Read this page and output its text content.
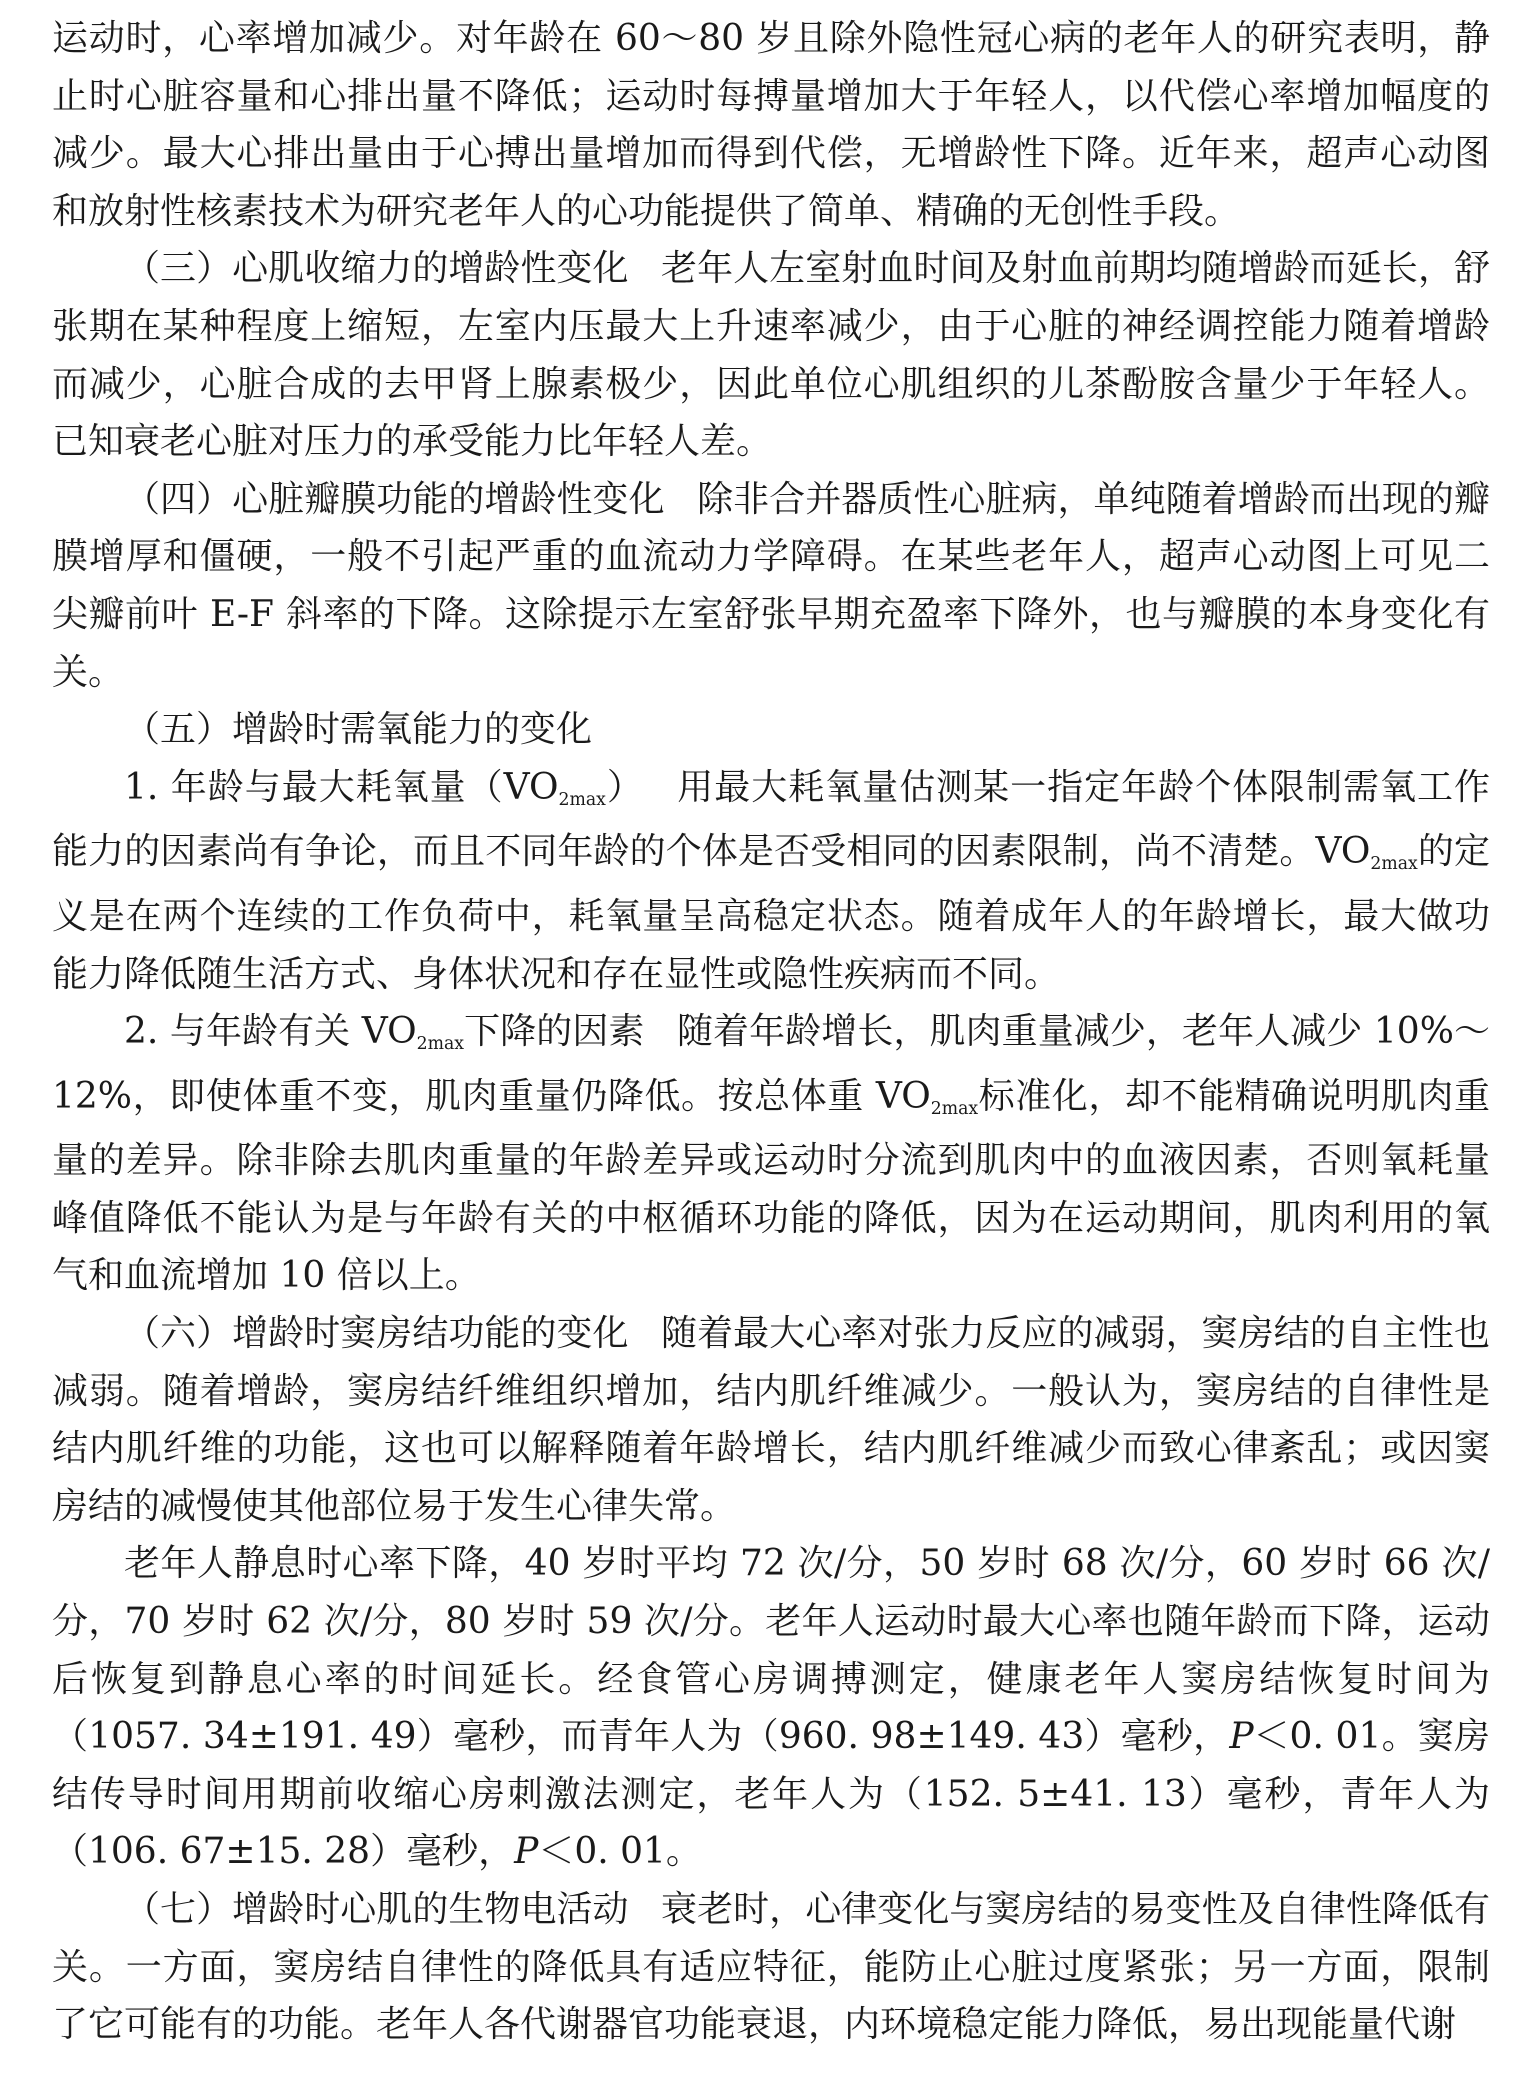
运动时，心率增加减少。对年龄在 60～80 岁且除外隐性冠心病的老年人的研究表明，静止时心脏容量和心排出量不降低；运动时每搏量增加大于年轻人，以代偿心率增加幅度的减少。最大心排出量由于心搏出量增加而得到代偿，无增龄性下降。近年来，超声心动图和放射性核素技术为研究老年人的心功能提供了简单、精确的无创性手段。

（三）心肌收缩力的增龄性变化 老年人左室射血时间及射血前期均随增龄而延长，舒张期在某种程度上缩短，左室内压最大上升速率减少，由于心脏的神经调控能力随着增龄而减少，心脏合成的去甲肾上腺素极少，因此单位心肌组织的儿茶酚胺含量少于年轻人。已知衰老心脏对压力的承受能力比年轻人差。

（四）心脏瓣膜功能的增龄性变化 除非合并器质性心脏病，单纯随着增龄而出现的瓣膜增厚和僵硬，一般不引起严重的血流动力学障碍。在某些老年人，超声心动图上可见二尖瓣前叶 E-F 斜率的下降。这除提示左室舒张早期充盈率下降外，也与瓣膜的本身变化有关。

（五）增龄时需氧能力的变化

1. 年龄与最大耗氧量（VO2max） 用最大耗氧量估测某一指定年龄个体限制需氧工作能力的因素尚有争论，而且不同年龄的个体是否受相同的因素限制，尚不清楚。VO2max的定义是在两个连续的工作负荷中，耗氧量呈高稳定状态。随着成年人的年龄增长，最大做功能力降低随生活方式、身体状况和存在显性或隐性疾病而不同。

2. 与年龄有关 VO2max下降的因素 随着年龄增长，肌肉重量减少，老年人减少 10%～12%，即使体重不变，肌肉重量仍降低。按总体重 VO2max标准化，却不能精确说明肌肉重量的差异。除非除去肌肉重量的年龄差异或运动时分流到肌肉中的血液因素，否则氧耗量峰值降低不能认为是与年龄有关的中枢循环功能的降低，因为在运动期间，肌肉利用的氧气和血流增加 10 倍以上。

（六）增龄时窦房结功能的变化 随着最大心率对张力反应的减弱，窦房结的自主性也减弱。随着增龄，窦房结纤维组织增加，结内肌纤维减少。一般认为，窦房结的自律性是结内肌纤维的功能，这也可以解释随着年龄增长，结内肌纤维减少而致心律紊乱；或因窦房结的减慢使其他部位易于发生心律失常。

老年人静息时心率下降，40 岁时平均 72 次/分，50 岁时 68 次/分，60 岁时 66 次/分，70 岁时 62 次/分，80 岁时 59 次/分。老年人运动时最大心率也随年龄而下降，运动后恢复到静息心率的时间延长。经食管心房调搏测定，健康老年人窦房结恢复时间为（1057. 34±191. 49）毫秒，而青年人为（960. 98±149. 43）毫秒，P＜0. 01。窦房结传导时间用期前收缩心房刺激法测定，老年人为（152. 5±41. 13）毫秒，青年人为（106. 67±15. 28）毫秒，P＜0. 01。

（七）增龄时心肌的生物电活动 衰老时，心律变化与窦房结的易变性及自律性降低有关。一方面，窦房结自律性的降低具有适应特征，能防止心脏过度紧张；另一方面，限制了它可能有的功能。老年人各代谢器官功能衰退，内环境稳定能力降低，易出现能量代谢
